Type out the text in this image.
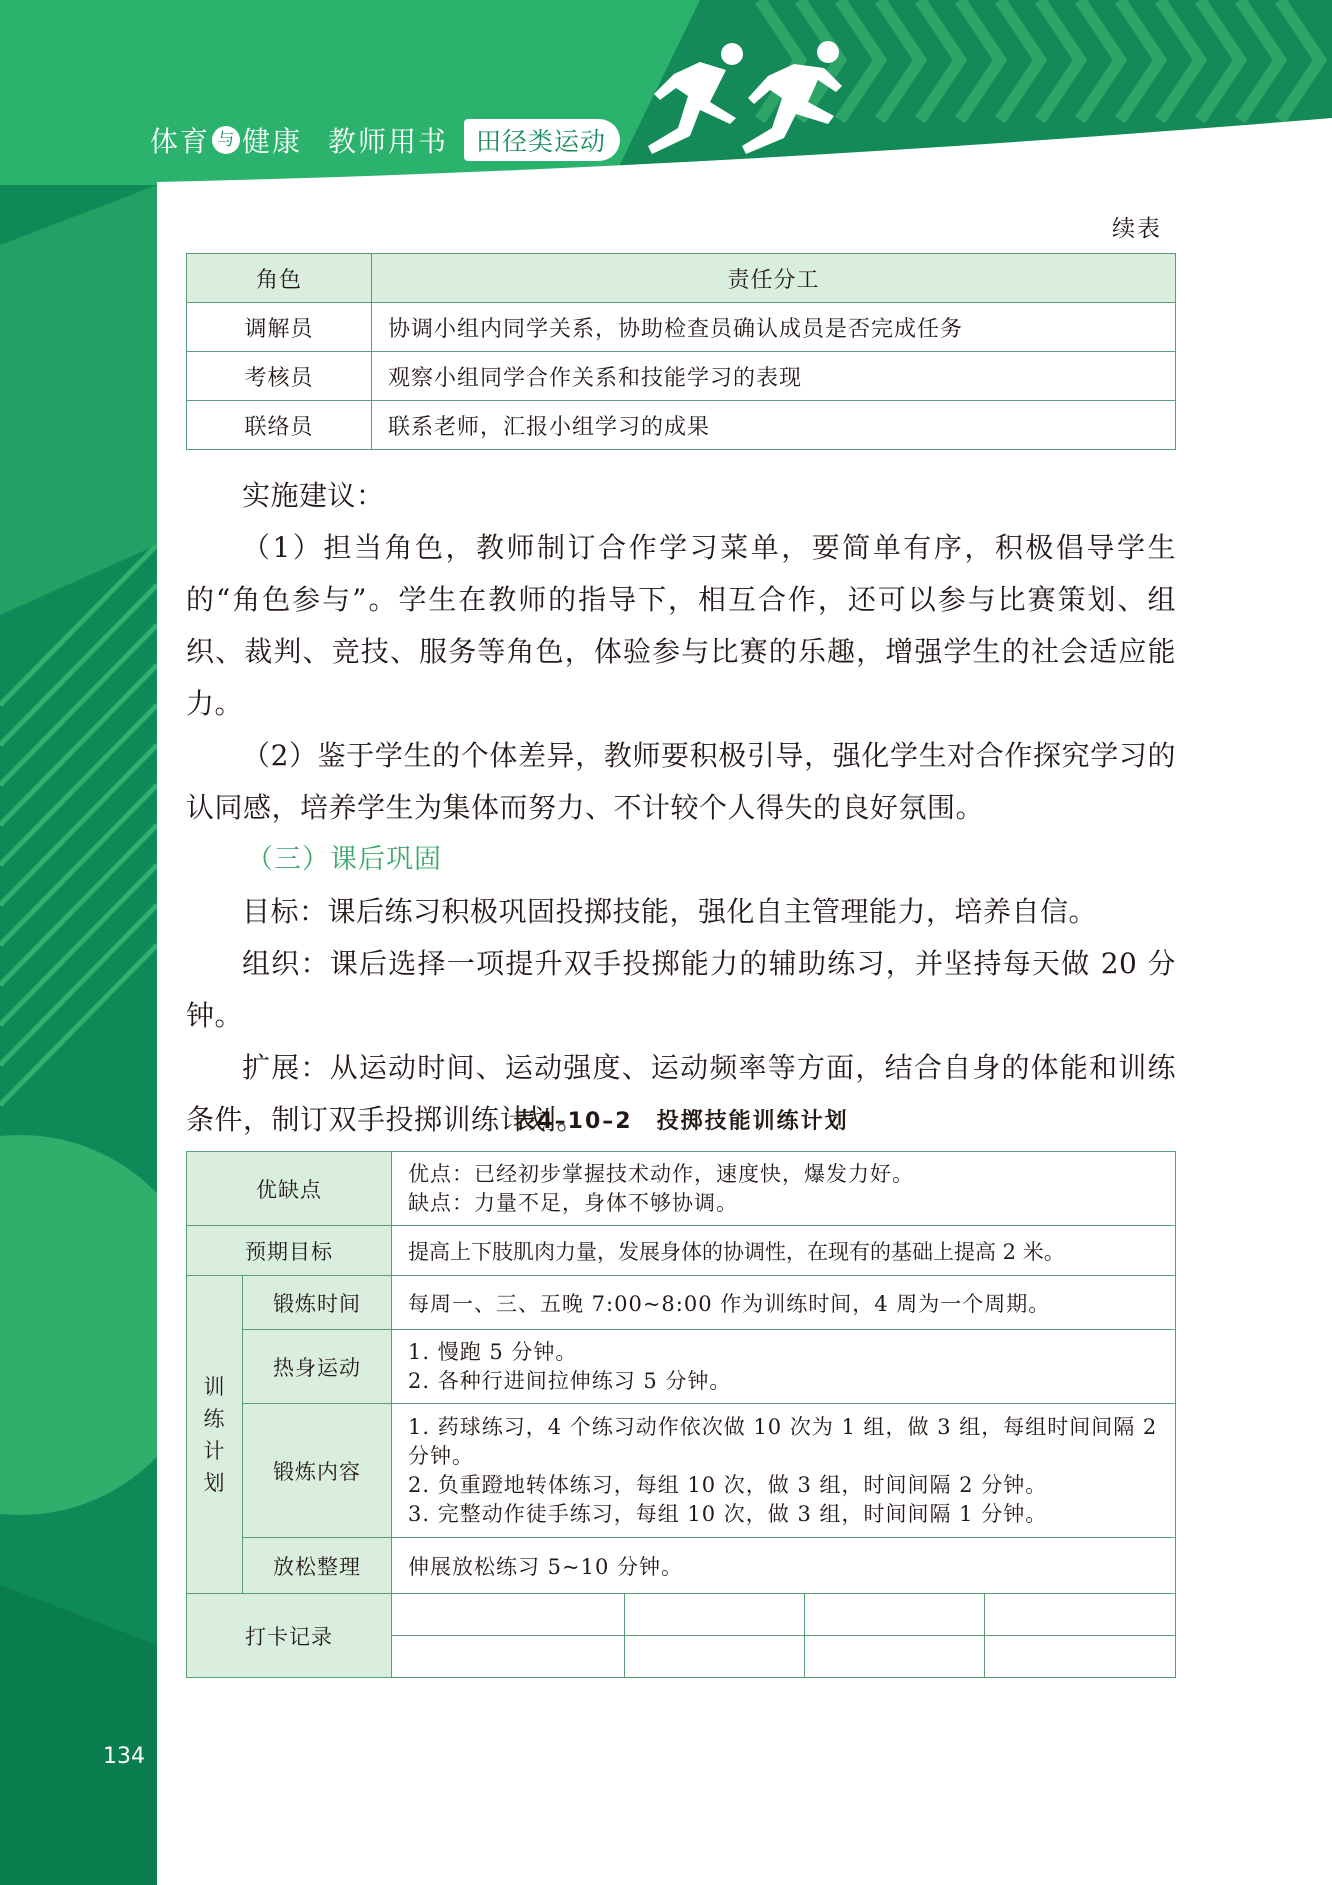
体育 与 健康 教师用书	田径类运动
134
续表
角色	责任分工
调解员	协调小组内同学关系，协助检查员确认成员是否完成任务
考核员	观察小组同学合作关系和技能学习的表现
联络员	联系老师，汇报小组学习的成果

实施建议：

（1）担当角色，教师制订合作学习菜单，要简单有序，积极倡导学生的“角色参与”。学生在教师的指导下，相互合作，还可以参与比赛策划、组织、裁判、竞技、服务等角色，体验参与比赛的乐趣，增强学生的社会适应能力。

（2）鉴于学生的个体差异，教师要积极引导，强化学生对合作探究学习的认同感，培养学生为集体而努力、不计较个人得失的良好氛围。

（三）课后巩固

目标：课后练习积极巩固投掷技能，强化自主管理能力，培养自信。

组织：课后选择一项提升双手投掷能力的辅助练习，并坚持每天做 20 分钟。

扩展：从运动时间、运动强度、运动频率等方面，结合自身的体能和训练条件，制订双手投掷训练计划。

表4–10–2　投掷技能训练计划
优缺点		优点：已经初步掌握技术动作，速度快，爆发力好。
缺点：力量不足，身体不够协调。			

预期目标		提高上下肢肌肉力量，发展身体的协调性，在现有的基础上提高 2 米。			

训
练
计
划	锻炼时间	每周一、三、五晚 7:00~8:00 作为训练时间，4 周为一个周期。			
	热身运动	1. 慢跑 5 分钟。
2. 各种行进间拉伸练习 5 分钟。			

	锻炼内容	1. 药球练习，4 个练习动作依次做 10 次为 1 组，做 3 组，每组时间间隔 2 分钟。
2. 负重蹬地转体练习，每组 10 次，做 3 组，时间间隔 2 分钟。
3. 完整动作徒手练习，每组 10 次，做 3 组，时间间隔 1 分钟。			

	放松整理	伸展放松练习 5~10 分钟。			
打卡记录					
